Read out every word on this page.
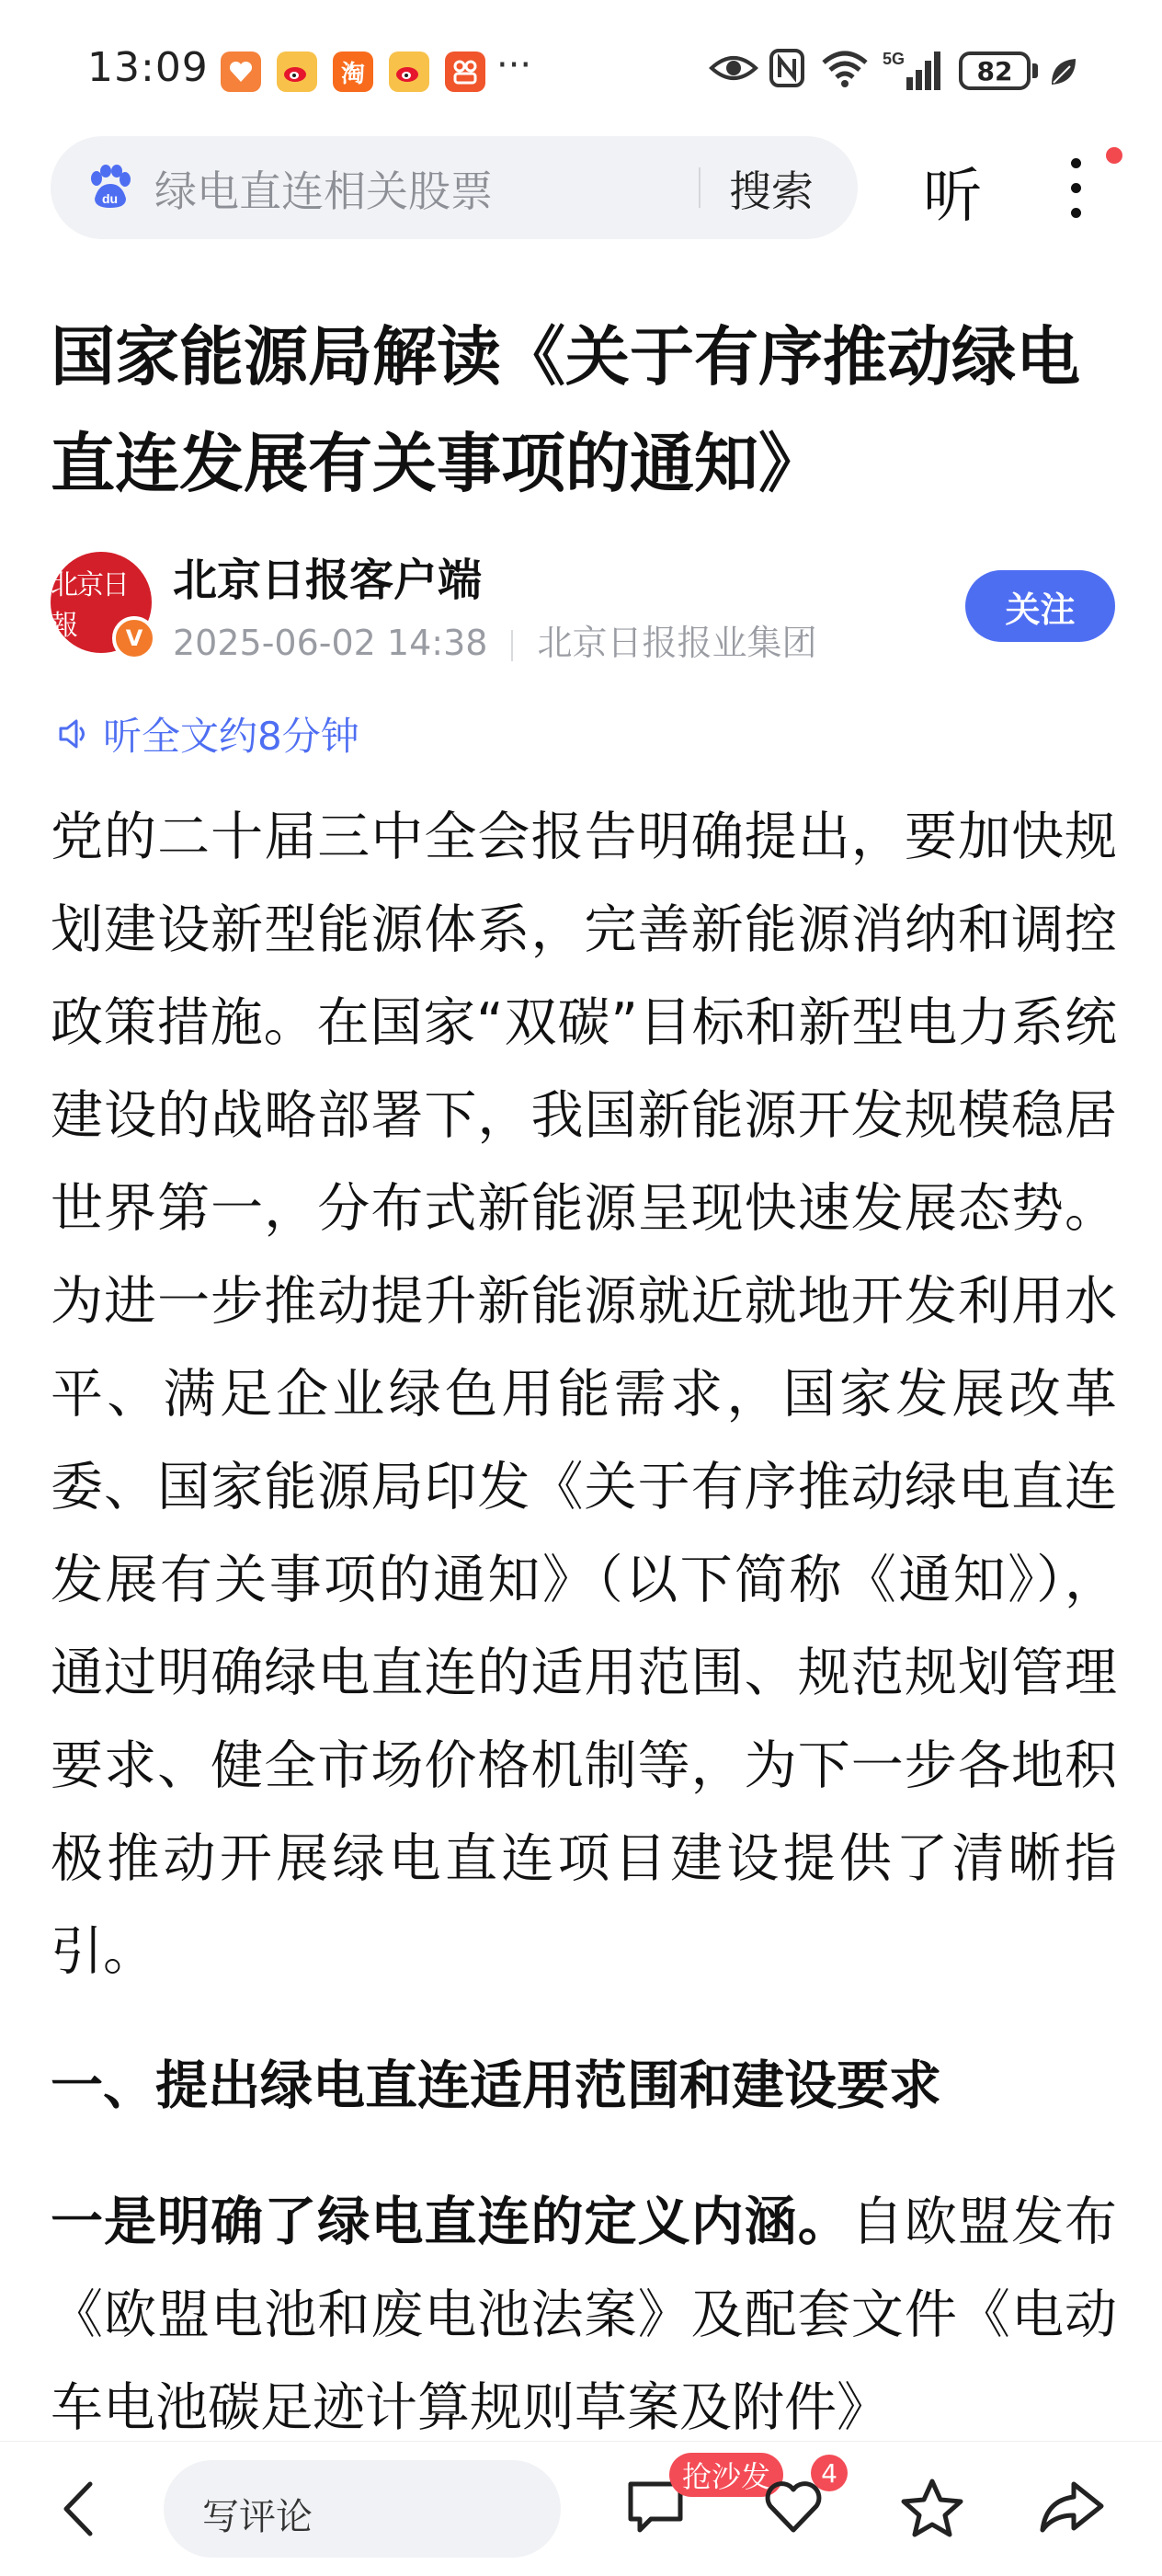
13:09	淘	···	5G	82
du 绿电直连相关股票	搜索 听
国家能源局解读《关于有序推动绿电直连发展有关事项的通知》
北京日報	V
北京日报客户端
2025-06-02 14:38 北京日报报业集团
关注
听全文约8分钟

党的二十届三中全会报告明确提出，要加快规划建设新型能源体系，完善新能源消纳和调控政策措施。在国家“双碳”目标和新型电力系统建设的战略部署下，我国新能源开发规模稳居世界第一，分布式新能源呈现快速发展态势。为进一步推动提升新能源就近就地开发利用水平、满足企业绿色用能需求，国家发展改革委、国家能源局印发《关于有序推动绿电直连发展有关事项的通知》（以下简称《通知》），通过明确绿电直连的适用范围、规范规划管理要求、健全市场价格机制等，为下一步各地积极推动开展绿电直连项目建设提供了清晰指引。

一、提出绿电直连适用范围和建设要求

一是明确了绿电直连的定义内涵。自欧盟发布《欧盟电池和废电池法案》及配套文件《电动车电池碳足迹计算规则草案及附件》

写评论
抢沙发	4
